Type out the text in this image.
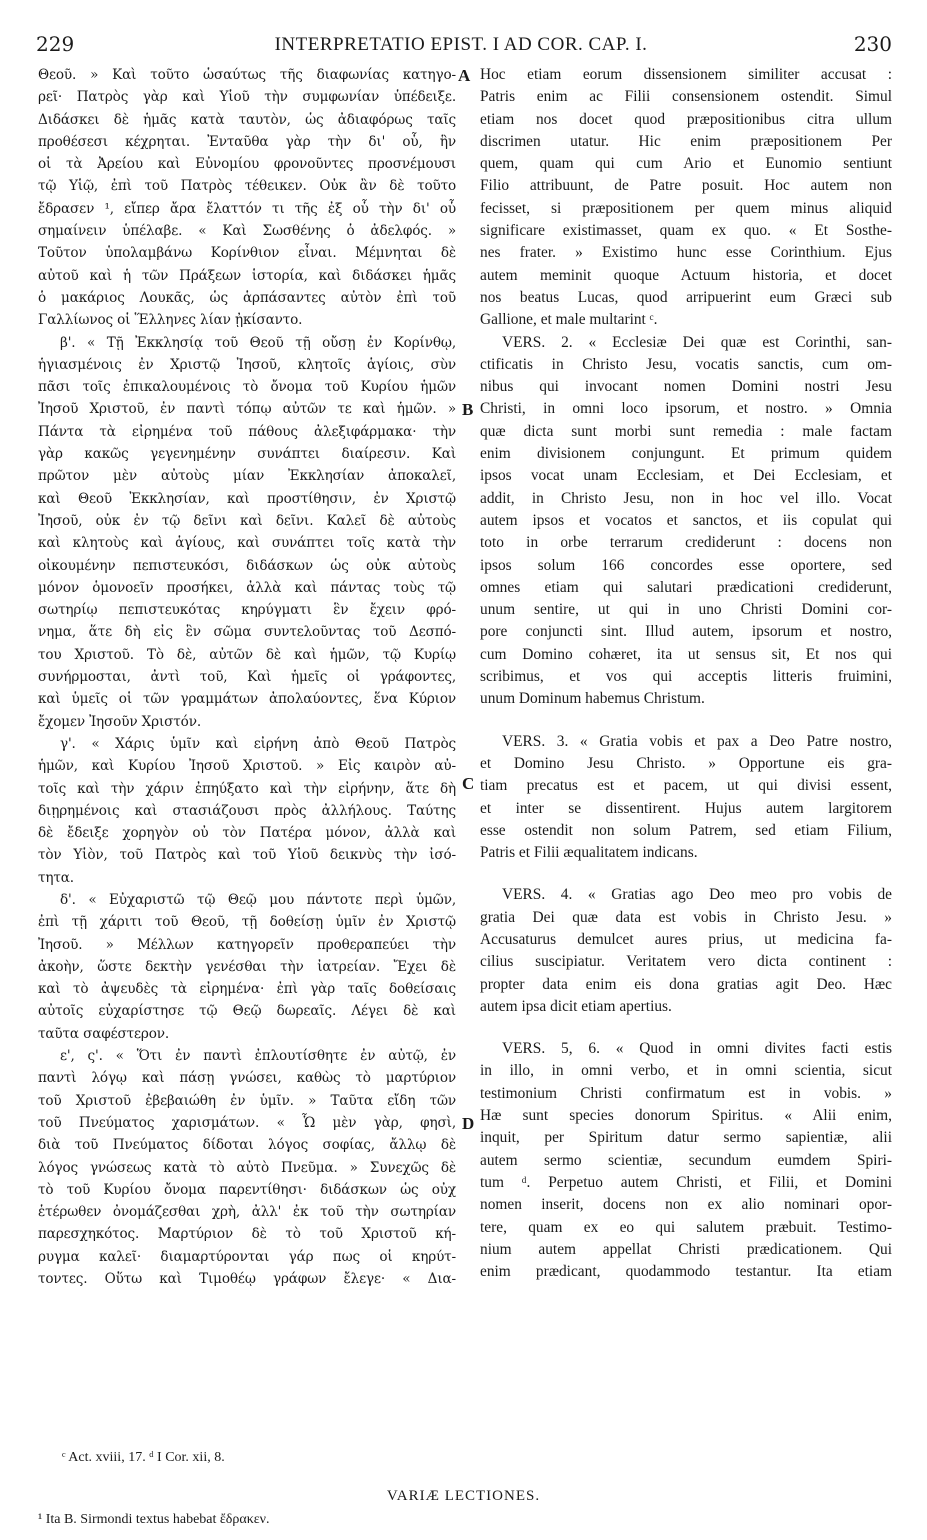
229	INTERPRETATIO EPIST. I AD COR. CAP. I.	230
A
B
C
D
Θεοῦ. » Καὶ τοῦτο ὡσαύτως τῆς διαφωνίας κατηγο-
ρεῖ· Πατρὸς γὰρ καὶ Υἱοῦ τὴν συμφωνίαν ὑπέδειξε.
Διδάσκει δὲ ἡμᾶς κατὰ ταυτὸν, ὡς ἀδιαφόρως ταῖς
προθέσεσι κέχρηται. Ἐνταῦθα γὰρ τὴν δι' οὗ, ἣν
οἱ τὰ Ἀρείου καὶ Εὐνομίου φρονοῦντες προσνέμουσι
τῷ Υἱῷ, ἐπὶ τοῦ Πατρὸς τέθεικεν. Οὐκ ἂν δὲ τοῦτο
ἔδρασεν ¹, εἴπερ ἄρα ἔλαττόν τι τῆς ἐξ οὗ τὴν δι' οὗ
σημαίνειν ὑπέλαβε. « Καὶ Σωσθένης ὁ ἀδελφός. »
Τοῦτον ὑπολαμβάνω Κορίνθιον εἶναι. Μέμνηται δὲ
αὐτοῦ καὶ ἡ τῶν Πράξεων ἱστορία, καὶ διδάσκει ἡμᾶς
ὁ μακάριος Λουκᾶς, ὡς ἁρπάσαντες αὐτὸν ἐπὶ τοῦ
Γαλλίωνος οἱ Ἕλληνες λίαν ᾐκίσαντο.
β'. « Τῇ Ἐκκλησίᾳ τοῦ Θεοῦ τῇ οὔσῃ ἐν Κορίνθῳ,
ἡγιασμένοις ἐν Χριστῷ Ἰησοῦ, κλητοῖς ἁγίοις, σὺν
πᾶσι τοῖς ἐπικαλουμένοις τὸ ὄνομα τοῦ Κυρίου ἡμῶν
Ἰησοῦ Χριστοῦ, ἐν παντὶ τόπῳ αὐτῶν τε καὶ ἡμῶν. »
Πάντα τὰ εἰρημένα τοῦ πάθους ἀλεξιφάρμακα· τὴν
γὰρ κακῶς γεγενημένην συνάπτει διαίρεσιν. Καὶ
πρῶτον μὲν αὐτοὺς μίαν Ἐκκλησίαν ἀποκαλεῖ,
καὶ Θεοῦ Ἐκκλησίαν, καὶ προστίθησιν, ἐν Χριστῷ
Ἰησοῦ, οὐκ ἐν τῷ δεῖνι καὶ δεῖνι. Καλεῖ δὲ αὐτοὺς
καὶ κλητοὺς καὶ ἁγίους, καὶ συνάπτει τοῖς κατὰ τὴν
οἰκουμένην πεπιστευκόσι, διδάσκων ὡς οὐκ αὐτοὺς
μόνον ὁμονοεῖν προσήκει, ἀλλὰ καὶ πάντας τοὺς τῷ
σωτηρίῳ πεπιστευκότας κηρύγματι ἓν ἔχειν φρό-
νημα, ἅτε δὴ εἰς ἓν σῶμα συντελοῦντας τοῦ Δεσπό-
του Χριστοῦ. Τὸ δὲ, αὐτῶν δὲ καὶ ἡμῶν, τῷ Κυρίῳ
συνήρμοσται, ἀντὶ τοῦ, Καὶ ἡμεῖς οἱ γράφοντες,
καὶ ὑμεῖς οἱ τῶν γραμμάτων ἀπολαύοντες, ἕνα Κύριον
ἔχομεν Ἰησοῦν Χριστόν.
γ'. « Χάρις ὑμῖν καὶ εἰρήνη ἀπὸ Θεοῦ Πατρὸς
ἡμῶν, καὶ Κυρίου Ἰησοῦ Χριστοῦ. » Εἰς καιρὸν αὐ-
τοῖς καὶ τὴν χάριν ἐπηύξατο καὶ τὴν εἰρήνην, ἅτε δὴ
διῃρημένοις καὶ στασιάζουσι πρὸς ἀλλήλους. Ταύτης
δὲ ἔδειξε χορηγὸν οὐ τὸν Πατέρα μόνον, ἀλλὰ καὶ
τὸν Υἱὸν, τοῦ Πατρὸς καὶ τοῦ Υἱοῦ δεικνὺς τὴν ἰσό-
τητα.
δ'. « Εὐχαριστῶ τῷ Θεῷ μου πάντοτε περὶ ὑμῶν,
ἐπὶ τῇ χάριτι τοῦ Θεοῦ, τῇ δοθείσῃ ὑμῖν ἐν Χριστῷ
Ἰησοῦ. » Μέλλων κατηγορεῖν προθεραπεύει τὴν
ἀκοὴν, ὥστε δεκτὴν γενέσθαι τὴν ἰατρείαν. Ἔχει δὲ
καὶ τὸ ἀψευδὲς τὰ εἰρημένα· ἐπὶ γὰρ ταῖς δοθείσαις
αὐτοῖς εὐχαρίστησε τῷ Θεῷ δωρεαῖς. Λέγει δὲ καὶ
ταῦτα σαφέστερον.
ε', ς'. « Ὅτι ἐν παντὶ ἐπλουτίσθητε ἐν αὐτῷ, ἐν
παντὶ λόγῳ καὶ πάσῃ γνώσει, καθὼς τὸ μαρτύριον
τοῦ Χριστοῦ ἐβεβαιώθη ἐν ὑμῖν. » Ταῦτα εἴδη τῶν
τοῦ Πνεύματος χαρισμάτων. « Ὧ μὲν γὰρ, φησὶ,
διὰ τοῦ Πνεύματος δίδοται λόγος σοφίας, ἄλλῳ δὲ
λόγος γνώσεως κατὰ τὸ αὐτὸ Πνεῦμα. » Συνεχῶς δὲ
τὸ τοῦ Κυρίου ὄνομα παρεντίθησι· διδάσκων ὡς οὐχ
ἑτέρωθεν ὀνομάζεσθαι χρὴ, ἀλλ' ἐκ τοῦ τὴν σωτηρίαν
παρεσχηκότος. Μαρτύριον δὲ τὸ τοῦ Χριστοῦ κή-
ρυγμα καλεῖ· διαμαρτύρονται γάρ πως οἱ κηρύτ-
τοντες. Οὕτω καὶ Τιμοθέῳ γράφων ἔλεγε· « Δια-
Hoc etiam eorum dissensionem similiter accusat :
Patris enim ac Filii consensionem ostendit. Simul
etiam nos docet quod præpositionibus citra ullum
discrimen utatur. Hic enim præpositionem Per
quem, quam qui cum Ario et Eunomio sentiunt
Filio attribuunt, de Patre posuit. Hoc autem non
fecisset, si præpositionem per quem minus aliquid
significare existimasset, quam ex quo. « Et Sosthe-
nes frater. » Existimo hunc esse Corinthium. Ejus
autem meminit quoque Actuum historia, et docet
nos beatus Lucas, quod arripuerint eum Græci sub
Gallione, et male multarint ᶜ.
VERS. 2. « Ecclesiæ Dei quæ est Corinthi, san-
ctificatis in Christo Jesu, vocatis sanctis, cum om-
nibus qui invocant nomen Domini nostri Jesu
Christi, in omni loco ipsorum, et nostro. » Omnia
quæ dicta sunt morbi sunt remedia : male factam
enim divisionem conjungunt. Et primum quidem
ipsos vocat unam Ecclesiam, et Dei Ecclesiam, et
addit, in Christo Jesu, non in hoc vel illo. Vocat
autem ipsos et vocatos et sanctos, et iis copulat qui
toto in orbe terrarum crediderunt : docens non
ipsos solum 166 concordes esse oportere, sed
omnes etiam qui salutari prædicationi crediderunt,
unum sentire, ut qui in uno Christi Domini cor-
pore conjuncti sint. Illud autem, ipsorum et nostro,
cum Domino cohæret, ita ut sensus sit, Et nos qui
scribimus, et vos qui acceptis litteris fruimini,
unum Dominum habemus Christum.
VERS. 3. « Gratia vobis et pax a Deo Patre nostro,
et Domino Jesu Christo. » Opportune eis gra-
tiam precatus est et pacem, ut qui divisi essent,
et inter se dissentirent. Hujus autem largitorem
esse ostendit non solum Patrem, sed etiam Filium,
Patris et Filii æqualitatem indicans.
VERS. 4. « Gratias ago Deo meo pro vobis de
gratia Dei quæ data est vobis in Christo Jesu. »
Accusaturus demulcet aures prius, ut medicina fa-
cilius suscipiatur. Veritatem vero dicta continent :
propter data enim eis dona gratias agit Deo. Hæc
autem ipsa dicit etiam apertius.
VERS. 5, 6. « Quod in omni divites facti estis
in illo, in omni verbo, et in omni scientia, sicut
testimonium Christi confirmatum est in vobis. »
Hæ sunt species donorum Spiritus. « Alii enim,
inquit, per Spiritum datur sermo sapientiæ, alii
autem sermo scientiæ, secundum eumdem Spiri-
tum ᵈ. Perpetuo autem Christi, et Filii, et Domini
nomen inserit, docens non ex alio nominari opor-
tere, quam ex eo qui salutem præbuit. Testimo-
nium autem appellat Christi prædicationem. Qui
enim prædicant, quodammodo testantur. Ita etiam
ᶜ Act. xviii, 17. ᵈ I Cor. xii, 8.
VARIÆ LECTIONES.
¹ Ita B. Sirmondi textus habebat ἔδρακεν.
